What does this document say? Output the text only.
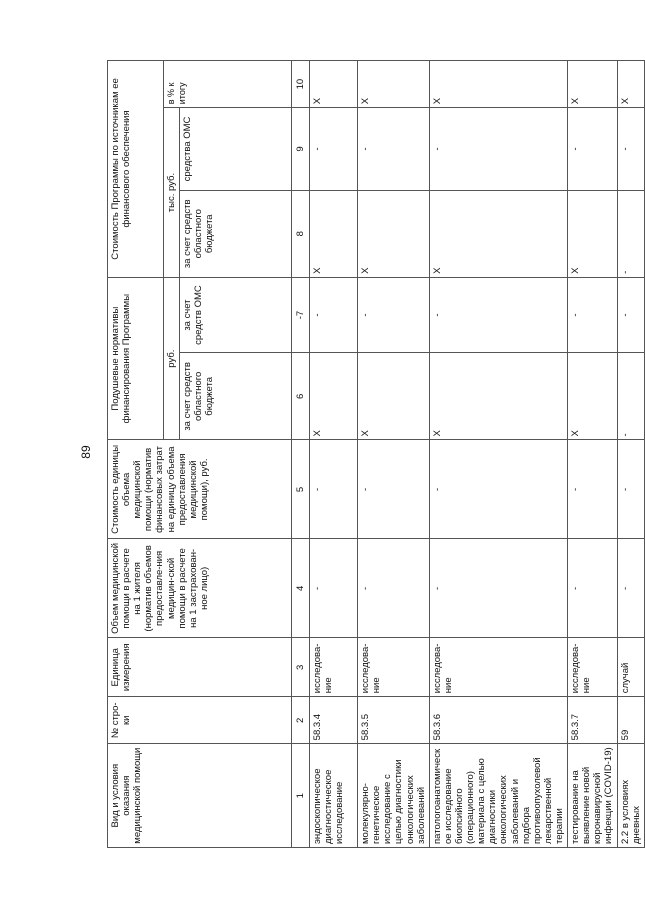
89
Вид и условия оказания медицинской помощи	№ стро-ки	Единица измерения	Объем медицинской помощи в расчете на 1 жителя (норматив объемов предоставле-ния медицин-ской помощи в расчете на 1 застрахован-ное лицо)	Стоимость единицы объема медицинской помощи (норматив финансовых затрат на единицу объема предоставления медицинской помощи), руб.	Подушевые нормативы финансирования Программы		Стоимость Программы по источникам ее финансового обеспечения		
					руб.		тыс. руб.		в % к итогу
					за счет средств областного бюджета	за счет средств ОМС	за счет средств областного бюджета	средства ОМС	
1	2	3	4	5	6	-7	8	9	10
эндоскопическое диагностическое исследование	58.3.4	исследова-ние	-	-	Х	-	Х	-	Х
молекулярно-генетическое исследование с целью диагностики онкологических заболеваний	58.3.5	исследова-ние	-	-	Х	-	Х	-	Х
патологоанатомическое исследование биопсийного (операционного) материала с целью диагностики онкологических заболеваний и подбора противоопухолевой лекарственной терапии	58.3.6	исследова-ние	-	-	Х	-	Х	-	Х
тестирование на выявление новой коронавирусной инфекции (COVID-19)	58.3.7	исследова-ние	-	-	Х	-	Х	-	Х
2.2 в условиях дневных	59	случай	-	-	-	-	-	-	Х
